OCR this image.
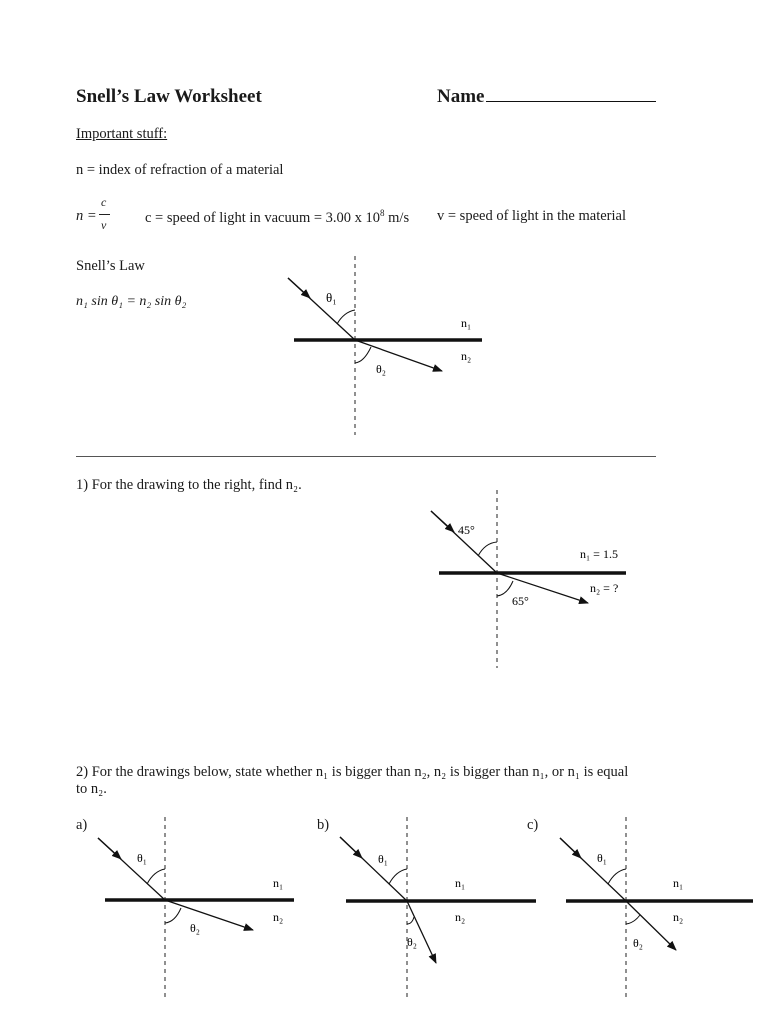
Snell’s Law Worksheet	Name
Important stuff:
n = index of refraction of a material
n =
c
v	c = speed of light in vacuum = 3.00 x $10^8$ m/s v = speed of light in the material
Snell’s Law
n₁ sin θ₁ = n₂ sin θ₂	θ₁
θ₂
n₁
n₂
1) For the drawing to the right, find n₂.
45°
65°
n₁ = 1.5
n₂ = ?
2) For the drawings below, state whether n₁ is bigger than n₂, n₂ is bigger than n₁, or n₁ is equal
to n₂.
a)	b)	c)
θ₁
θ₂
n₁
n₂
θ₁
θ₂
n₁
n₂
θ₁
θ₂
n₁
n₂
